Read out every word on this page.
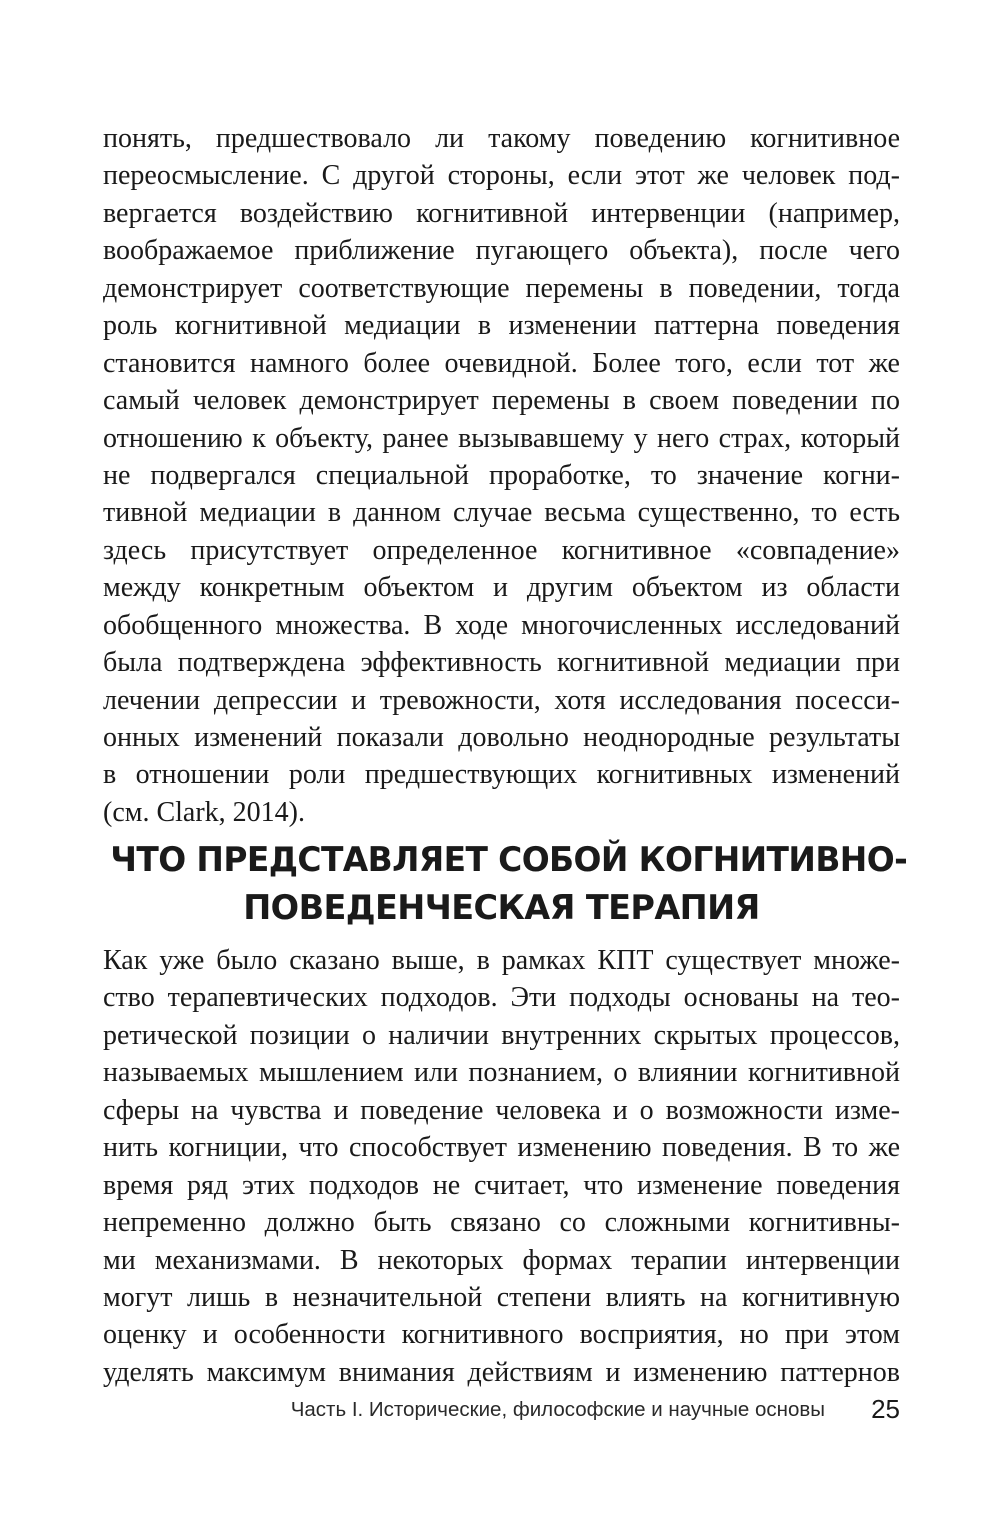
понять, предшествовало ли такому поведению когнитивное
переосмысление. С другой стороны, если этот же человек под-
вергается воздействию когнитивной интервенции (например,
воображаемое приближение пугающего объекта), после чего
демонстрирует соответствующие перемены в поведении, тогда
роль когнитивной медиации в изменении паттерна поведения
становится намного более очевидной. Более того, если тот же
самый человек демонстрирует перемены в своем поведении по
отношению к объекту, ранее вызывавшему у него страх, который
не подвергался специальной проработке, то значение когни-
тивной медиации в данном случае весьма существенно, то есть
здесь присутствует определенное когнитивное «совпадение»
между конкретным объектом и другим объектом из области
обобщенного множества. В ходе многочисленных исследований
была подтверждена эффективность когнитивной медиации при
лечении депрессии и тревожности, хотя исследования посесси-
онных изменений показали довольно неоднородные результаты
в отношении роли предшествующих когнитивных изменений
(см. Clark, 2014).

ЧТО ПРЕДСТАВЛЯЕТ СОБОЙ КОГНИТИВНО-
ПОВЕДЕНЧЕСКАЯ ТЕРАПИЯ

Как уже было сказано выше, в рамках КПТ существует множе-
ство терапевтических подходов. Эти подходы основаны на тео-
ретической позиции о наличии внутренних скрытых процессов,
называемых мышлением или познанием, о влиянии когнитивной
сферы на чувства и поведение человека и о возможности изме-
нить когниции, что способствует изменению поведения. В то же
время ряд этих подходов не считает, что изменение поведения
непременно должно быть связано со сложными когнитивны-
ми механизмами. В некоторых формах терапии интервенции
могут лишь в незначительной степени влиять на когнитивную
оценку и особенности когнитивного восприятия, но при этом
уделять максимум внимания действиям и изменению паттернов

Часть I. Исторические, философские и научные основы 25
